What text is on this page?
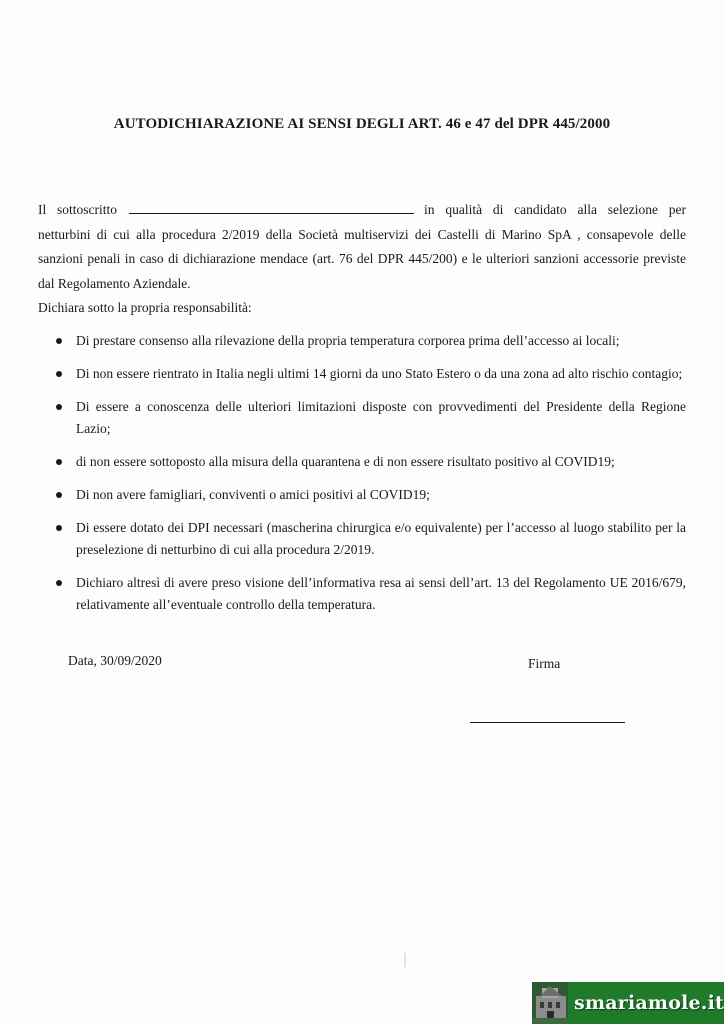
AUTODICHIARAZIONE AI SENSI DEGLI ART. 46 e 47 del DPR 445/2000
Il sottoscritto	in qualità di candidato alla selezione per netturbini di cui alla procedura 2/2019 della Società multiservizi dei Castelli di Marino SpA , consapevole delle sanzioni penali in caso di dichiarazione mendace (art. 76 del DPR 445/200) e le ulteriori sanzioni accessorie previste dal Regolamento Aziendale.
Dichiara sotto la propria responsabilità:
Di prestare consenso alla rilevazione della propria temperatura corporea prima dell’accesso ai locali;
Di non essere rientrato in Italia negli ultimi 14 giorni da uno Stato Estero o da una zona ad alto rischio contagio;
Di essere a conoscenza delle ulteriori limitazioni disposte con provvedimenti del Presidente della Regione Lazio;
di non essere sottoposto alla misura della quarantena e di non essere risultato positivo al COVID19;
Di non avere famigliari, conviventi o amici positivi al COVID19;
Di essere dotato dei DPI necessari (mascherina chirurgica e/o equivalente) per l’accesso al luogo stabilito per la preselezione di netturbino di cui alla procedura 2/2019.
Dichiaro altresì di avere preso visione dell’informativa resa ai sensi dell’art. 13 del Regolamento UE 2016/679, relativamente all’eventuale controllo della temperatura.
Data, 30/09/2020	Firma
smariamole.it
